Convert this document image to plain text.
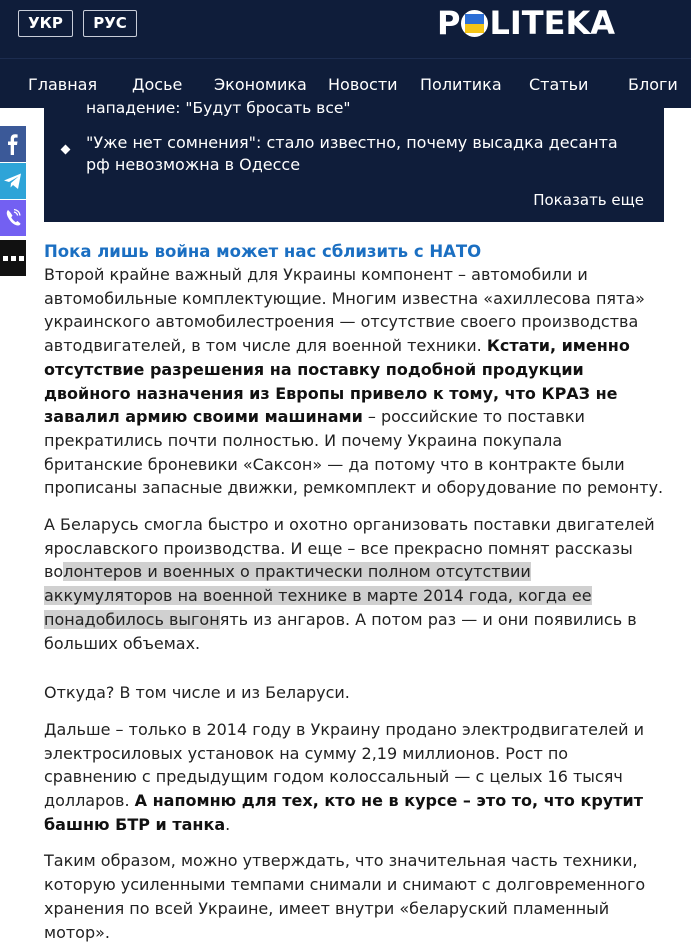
УКР	РУС	P LITEKA
Главная Досье Экономика Новости Политика Статьи Блоги
нападение: "Будут бросать все"
"Уже нет сомнения": стало известно, почему высадка десанта рф невозможна в Одессе
Показать еще
Пока лишь война может нас сблизить с НАТО

Второй крайне важный для Украины компонент – автомобили и автомобильные комплектующие. Многим известна «ахиллесова пята» украинского автомобилестроения — отсутствие своего производства автодвигателей, в том числе для военной техники. Кстати, именно отсутствие разрешения на поставку подобной продукции двойного назначения из Европы привело к тому, что КРАЗ не завалил армию своими машинами – российские то поставки прекратились почти полностью. И почему Украина покупала британские броневики «Саксон» — да потому что в контракте были прописаны запасные движки, ремкомплект и оборудование по ремонту.

А Беларусь смогла быстро и охотно организовать поставки двигателей ярославского производства. И еще – все прекрасно помнят рассказы волонтеров и военных о практически полном отсутствии аккумуляторов на военной технике в марте 2014 года, когда ее понадобилось выгонять из ангаров. А потом раз — и они появились в больших объемах.

Откуда? В том числе и из Беларуси.

Дальше – только в 2014 году в Украину продано электродвигателей и электросиловых установок на сумму 2,19 миллионов. Рост по сравнению с предыдущим годом колоссальный — с целых 16 тысяч долларов. А напомню для тех, кто не в курсе – это то, что крутит башню БТР и танка.

Таким образом, можно утверждать, что значительная часть техники, которую усиленными темпами снимали и снимают с долговременного хранения по всей Украине, имеет внутри «беларуский пламенный мотор».
